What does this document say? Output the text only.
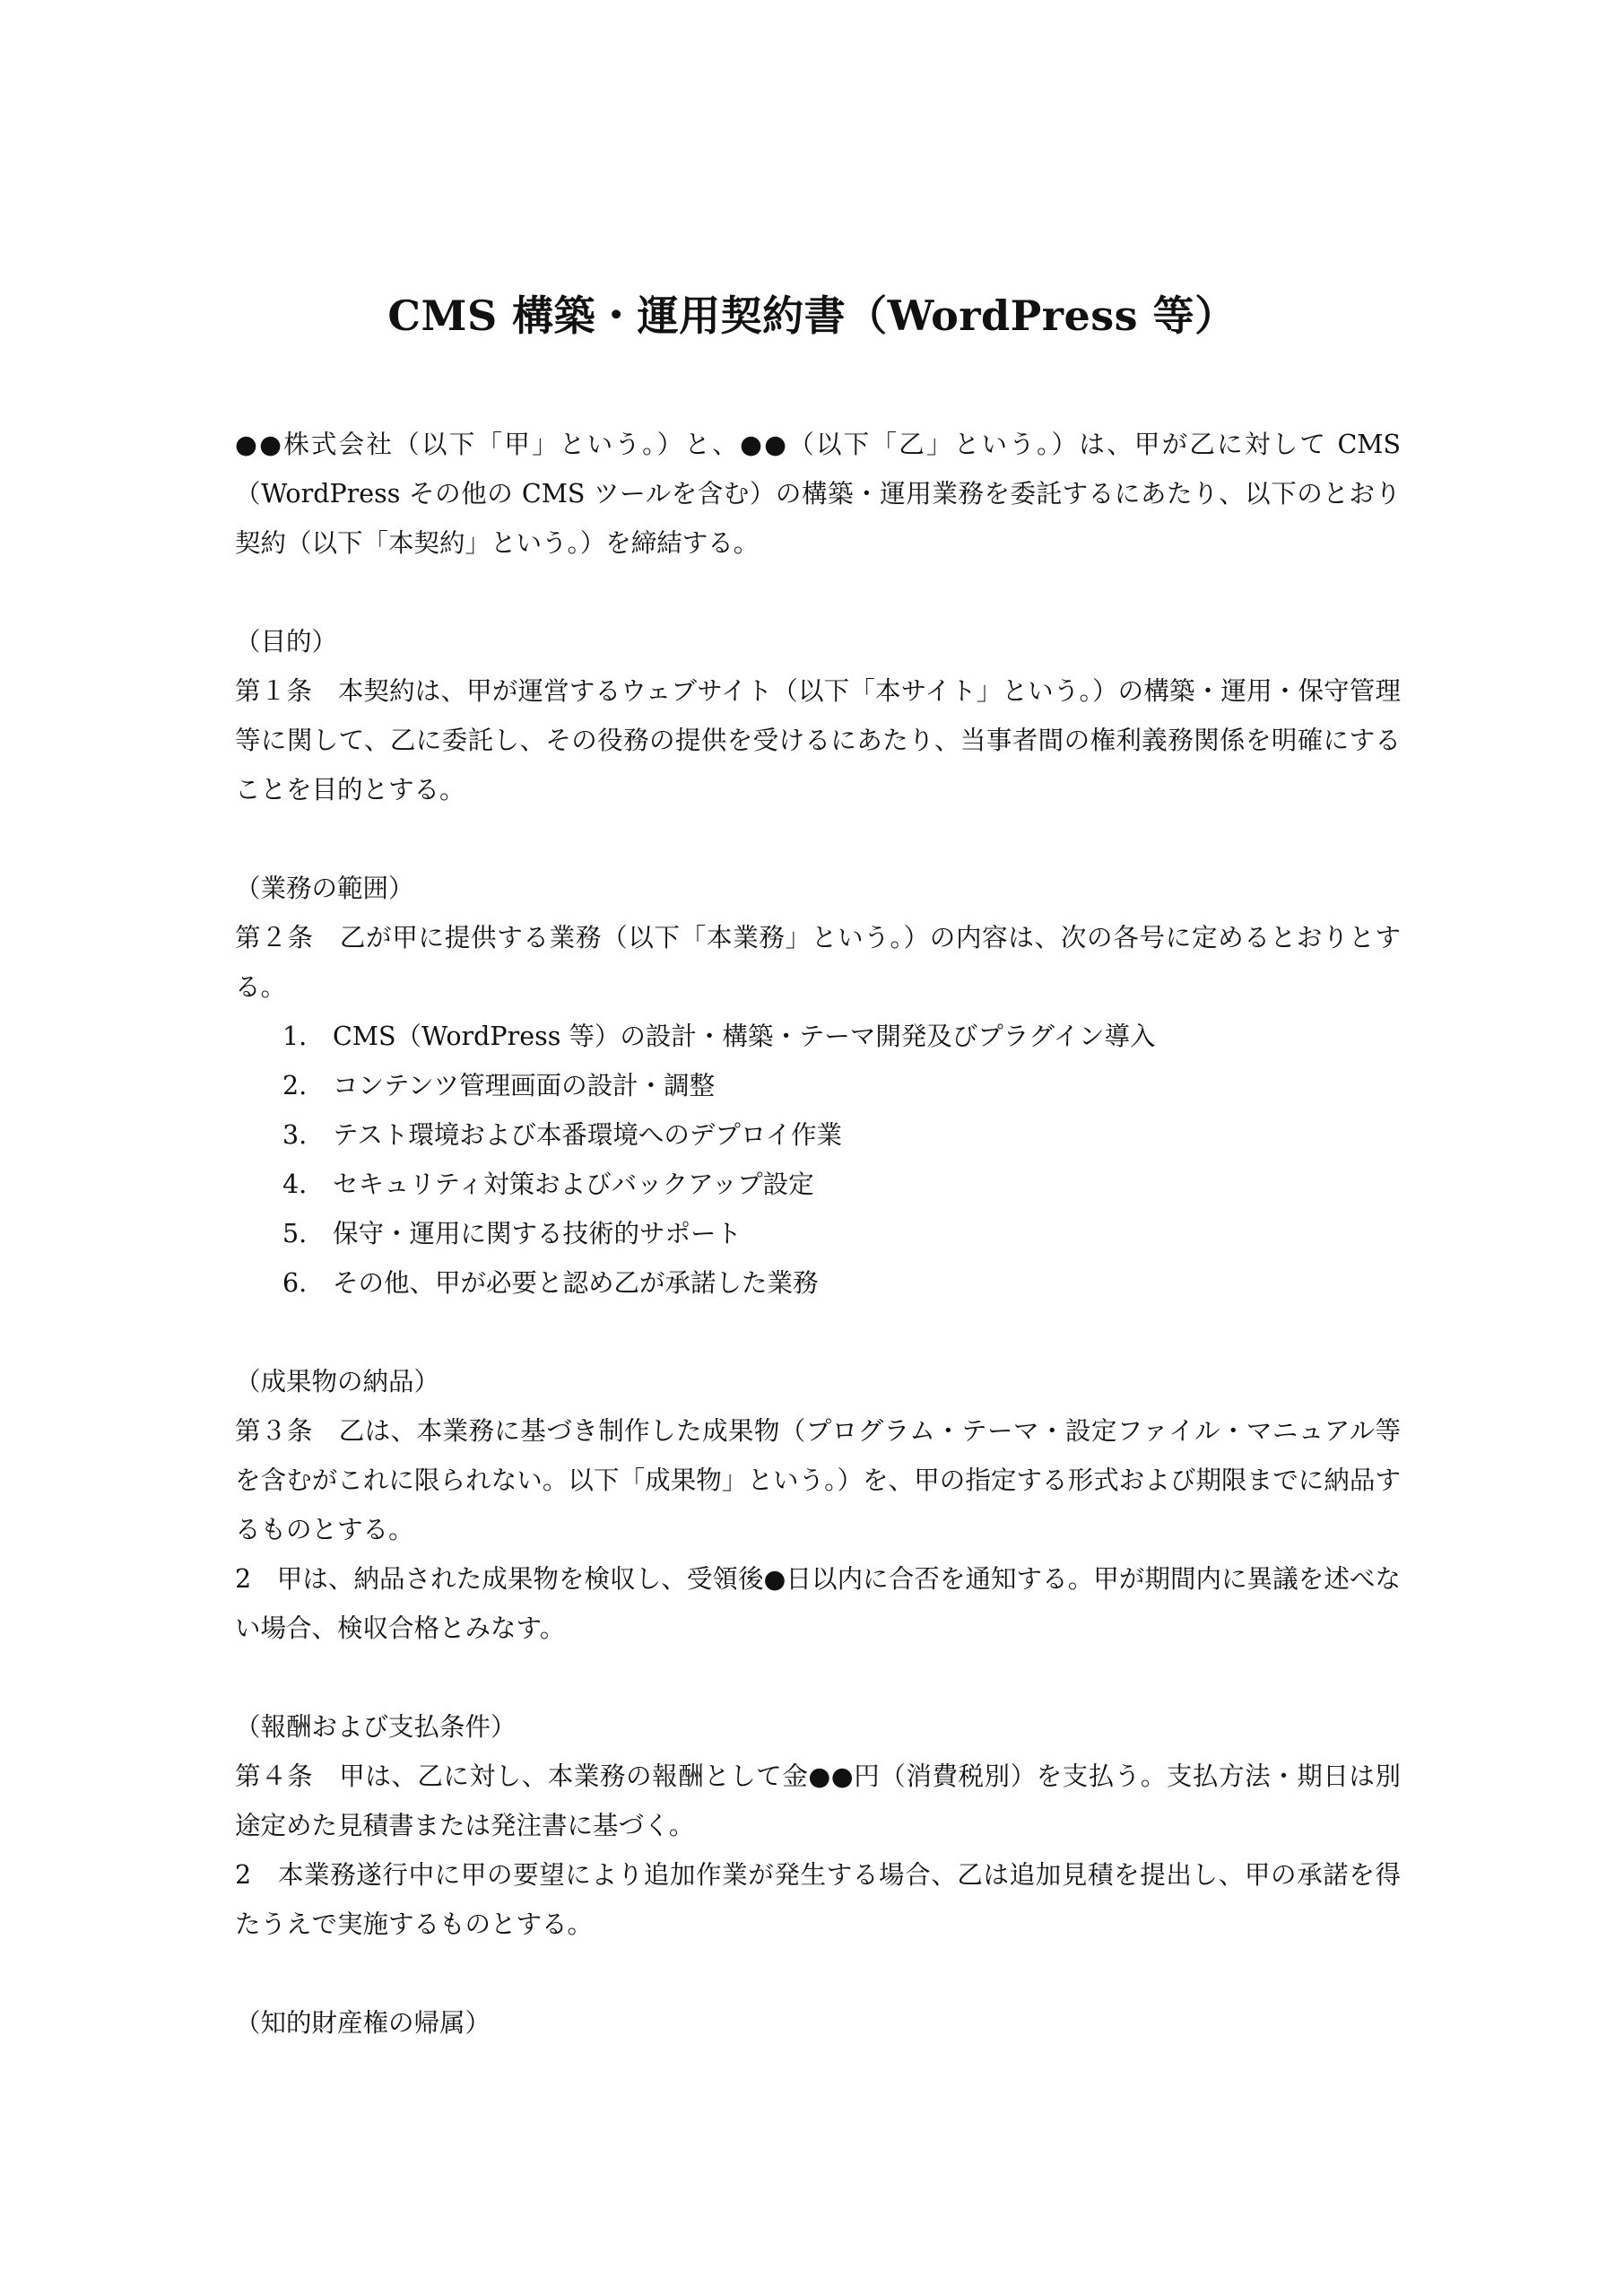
CMS 構築・運用契約書（WordPress 等）

●●株式会社（以下「甲」という。）と、●●（以下「乙」という。）は、甲が乙に対して CMS（WordPress その他の CMS ツールを含む）の構築・運用業務を委託するにあたり、以下のとおり契約（以下「本契約」という。）を締結する。

（目的）

第１条　本契約は、甲が運営するウェブサイト（以下「本サイト」という。）の構築・運用・保守管理等に関して、乙に委託し、その役務の提供を受けるにあたり、当事者間の権利義務関係を明確にすることを目的とする。

（業務の範囲）

第２条　乙が甲に提供する業務（以下「本業務」という。）の内容は、次の各号に定めるとおりとする。

1. CMS（WordPress 等）の設計・構築・テーマ開発及びプラグイン導入
2. コンテンツ管理画面の設計・調整
3. テスト環境および本番環境へのデプロイ作業
4. セキュリティ対策およびバックアップ設定
5. 保守・運用に関する技術的サポート
6. その他、甲が必要と認め乙が承諾した業務

（成果物の納品）

第３条　乙は、本業務に基づき制作した成果物（プログラム・テーマ・設定ファイル・マニュアル等を含むがこれに限られない。以下「成果物」という。）を、甲の指定する形式および期限までに納品するものとする。

2　甲は、納品された成果物を検収し、受領後●日以内に合否を通知する。甲が期間内に異議を述べない場合、検収合格とみなす。

（報酬および支払条件）

第４条　甲は、乙に対し、本業務の報酬として金●●円（消費税別）を支払う。支払方法・期日は別途定めた見積書または発注書に基づく。

2　本業務遂行中に甲の要望により追加作業が発生する場合、乙は追加見積を提出し、甲の承諾を得たうえで実施するものとする。

（知的財産権の帰属）
